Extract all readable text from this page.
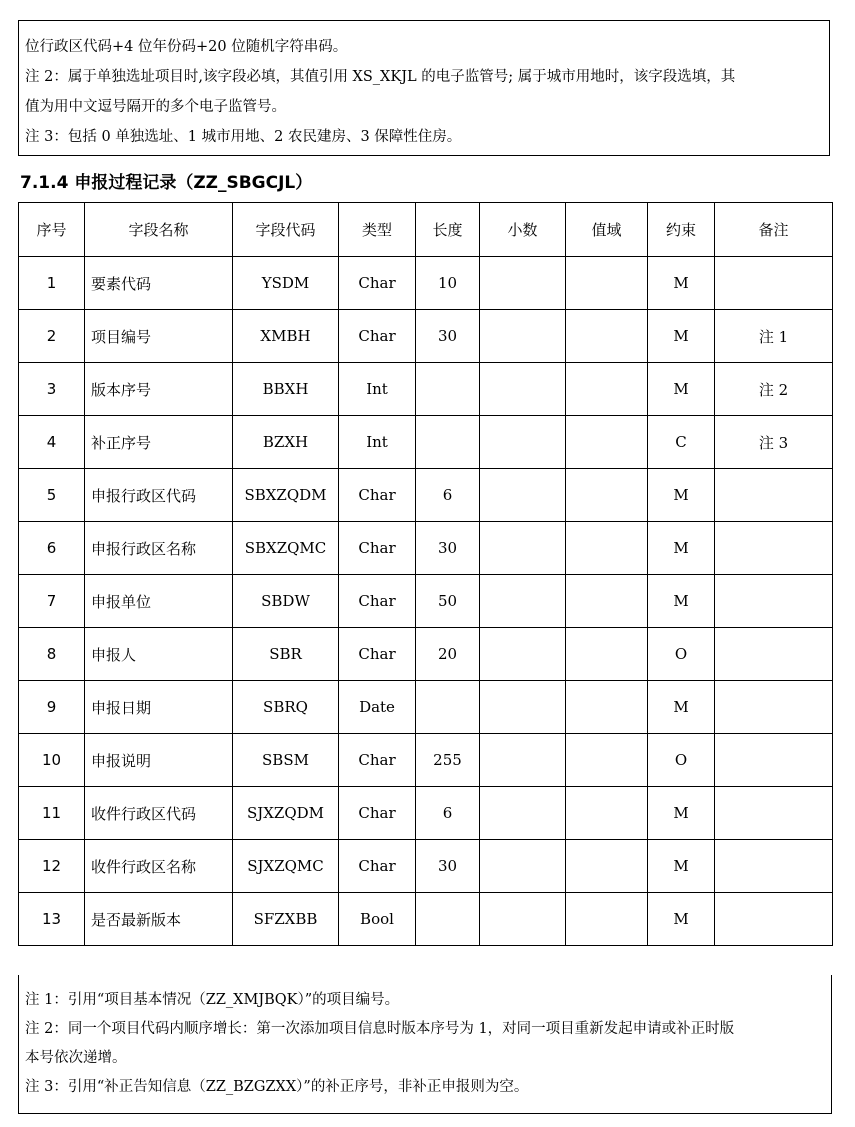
位行政区代码+4 位年份码+20 位随机字符串码。

注 2：属于单独选址项目时,该字段必填，其值引用 XS_XKJL 的电子监管号; 属于城市用地时，该字段选填，其

值为用中文逗号隔开的多个电子监管号。

注 3：包括 0 单独选址、1 城市用地、2 农民建房、3 保障性住房。

7.1.4 申报过程记录（ZZ_SBGCJL）
序号	字段名称	字段代码	类型	长度	小数	值域	约束	备注
1	要素代码	YSDM	Char	10			M	
2	项目编号	XMBH	Char	30			M	注 1
3	版本序号	BBXH	Int				M	注 2
4	补正序号	BZXH	Int				C	注 3
5	申报行政区代码	SBXZQDM	Char	6			M	
6	申报行政区名称	SBXZQMC	Char	30			M	
7	申报单位	SBDW	Char	50			M	
8	申报人	SBR	Char	20			O	
9	申报日期	SBRQ	Date				M	
10	申报说明	SBSM	Char	255			O	
11	收件行政区代码	SJXZQDM	Char	6			M	
12	收件行政区名称	SJXZQMC	Char	30			M	
13	是否最新版本	SFZXBB	Bool				M	

注 1：引用“项目基本情况（ZZ_XMJBQK）”的项目编号。

注 2：同一个项目代码内顺序增长：第一次添加项目信息时版本序号为 1，对同一项目重新发起申请或补正时版

本号依次递增。

注 3：引用“补正告知信息（ZZ_BZGZXX）”的补正序号，非补正申报则为空。
